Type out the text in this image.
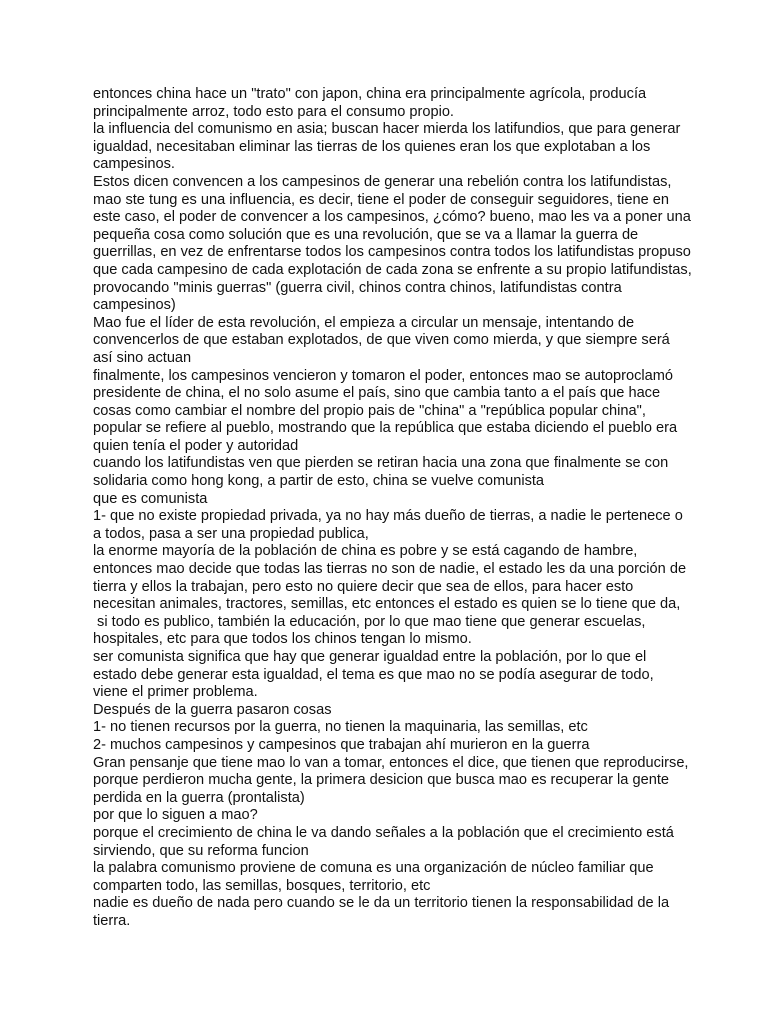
entonces china hace un "trato" con japon, china era principalmente agrícola, producía
principalmente arroz, todo esto para el consumo propio.
la influencia del comunismo en asia; buscan hacer mierda los latifundios, que para generar
igualdad, necesitaban eliminar las tierras de los quienes eran los que explotaban a los
campesinos.
Estos dicen convencen a los campesinos de generar una rebelión contra los latifundistas,
mao ste tung es una influencia, es decir, tiene el poder de conseguir seguidores, tiene en
este caso, el poder de convencer a los campesinos, ¿cómo? bueno, mao les va a poner una
pequeña cosa como solución que es una revolución, que se va a llamar la guerra de
guerrillas, en vez de enfrentarse todos los campesinos contra todos los latifundistas propuso
que cada campesino de cada explotación de cada zona se enfrente a su propio latifundistas,
provocando "minis guerras" (guerra civil, chinos contra chinos, latifundistas contra
campesinos)
Mao fue el líder de esta revolución, el empieza a circular un mensaje, intentando de
convencerlos de que estaban explotados, de que viven como mierda, y que siempre será
así sino actuan
finalmente, los campesinos vencieron y tomaron el poder, entonces mao se autoproclamó
presidente de china, el no solo asume el país, sino que cambia tanto a el país que hace
cosas como cambiar el nombre del propio pais de "china" a "república popular china",
popular se refiere al pueblo, mostrando que la república que estaba diciendo el pueblo era
quien tenía el poder y autoridad
cuando los latifundistas ven que pierden se retiran hacia una zona que finalmente se con
solidaria como hong kong, a partir de esto, china se vuelve comunista
que es comunista
1- que no existe propiedad privada, ya no hay más dueño de tierras, a nadie le pertenece o
a todos, pasa a ser una propiedad publica,
la enorme mayoría de la población de china es pobre y se está cagando de hambre,
entonces mao decide que todas las tierras no son de nadie, el estado les da una porción de
tierra y ellos la trabajan, pero esto no quiere decir que sea de ellos, para hacer esto
necesitan animales, tractores, semillas, etc entonces el estado es quien se lo tiene que da,
si todo es publico, también la educación, por lo que mao tiene que generar escuelas,
hospitales, etc para que todos los chinos tengan lo mismo.
ser comunista significa que hay que generar igualdad entre la población, por lo que el
estado debe generar esta igualdad, el tema es que mao no se podía asegurar de todo,
viene el primer problema.
Después de la guerra pasaron cosas
1- no tienen recursos por la guerra, no tienen la maquinaria, las semillas, etc
2- muchos campesinos y campesinos que trabajan ahí murieron en la guerra
Gran pensanje que tiene mao lo van a tomar, entonces el dice, que tienen que reproducirse,
porque perdieron mucha gente, la primera desicion que busca mao es recuperar la gente
perdida en la guerra (prontalista)
por que lo siguen a mao?
porque el crecimiento de china le va dando señales a la población que el crecimiento está
sirviendo, que su reforma funcion
la palabra comunismo proviene de comuna es una organización de núcleo familiar que
comparten todo, las semillas, bosques, territorio, etc
nadie es dueño de nada pero cuando se le da un territorio tienen la responsabilidad de la
tierra.
